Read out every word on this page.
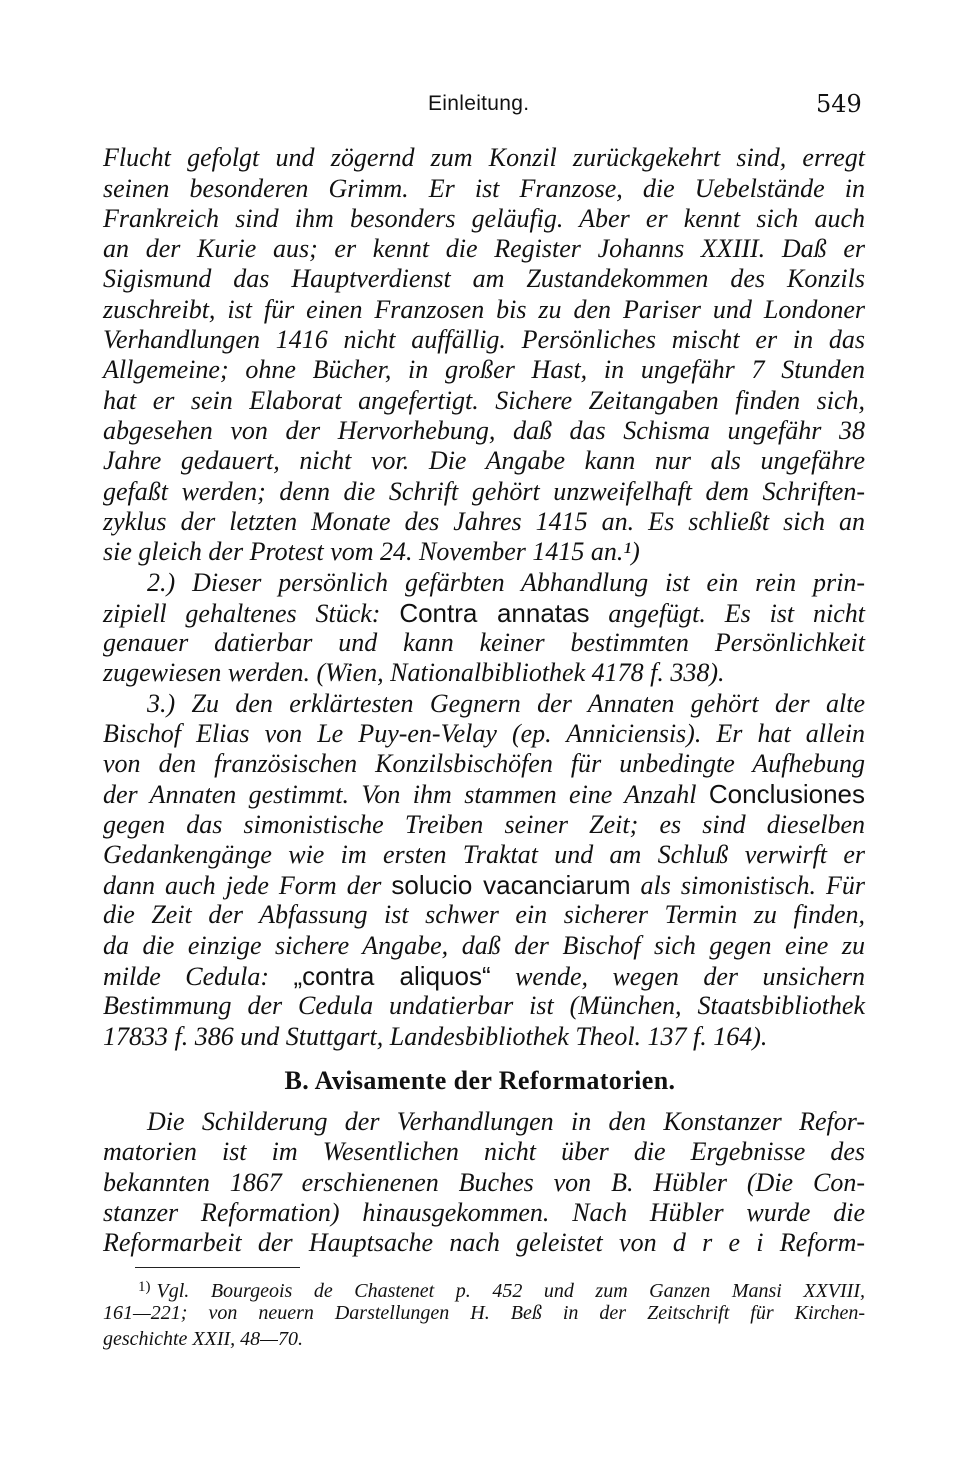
Einleitung.	549
Flucht gefolgt und zögernd zum Konzil zurückgekehrt sind, erregt
seinen besonderen Grimm. Er ist Franzose, die Uebelstände in
Frankreich sind ihm besonders geläufig. Aber er kennt sich auch
an der Kurie aus; er kennt die Register Johanns XXIII. Daß er
Sigismund das Hauptverdienst am Zustandekommen des Konzils
zuschreibt, ist für einen Franzosen bis zu den Pariser und Londoner
Verhandlungen 1416 nicht auffällig. Persönliches mischt er in das
Allgemeine; ohne Bücher, in großer Hast, in ungefähr 7 Stunden
hat er sein Elaborat angefertigt. Sichere Zeitangaben finden sich,
abgesehen von der Hervorhebung, daß das Schisma ungefähr 38
Jahre gedauert, nicht vor. Die Angabe kann nur als ungefähre
gefaßt werden; denn die Schrift gehört unzweifelhaft dem Schriften-
zyklus der letzten Monate des Jahres 1415 an. Es schließt sich an
sie gleich der Protest vom 24. November 1415 an.¹)
2.) Dieser persönlich gefärbten Abhandlung ist ein rein prin-
zipiell gehaltenes Stück: Contra annatas angefügt. Es ist nicht
genauer datierbar und kann keiner bestimmten Persönlichkeit
zugewiesen werden. (Wien, Nationalbibliothek 4178 f. 338).
3.) Zu den erklärtesten Gegnern der Annaten gehört der alte
Bischof Elias von Le Puy-en-Velay (ep. Anniciensis). Er hat allein
von den französischen Konzilsbischöfen für unbedingte Aufhebung
der Annaten gestimmt. Von ihm stammen eine Anzahl Conclusiones
gegen das simonistische Treiben seiner Zeit; es sind dieselben
Gedankengänge wie im ersten Traktat und am Schluß verwirft er
dann auch jede Form der solucio vacanciarum als simonistisch. Für
die Zeit der Abfassung ist schwer ein sicherer Termin zu finden,
da die einzige sichere Angabe, daß der Bischof sich gegen eine zu
milde Cedula: „contra aliquos“ wende, wegen der unsichern
Bestimmung der Cedula undatierbar ist (München, Staatsbibliothek
17833 f. 386 und Stuttgart, Landesbibliothek Theol. 137 f. 164).
B. Avisamente der Reformatorien.
Die Schilderung der Verhandlungen in den Konstanzer Refor-
matorien ist im Wesentlichen nicht über die Ergebnisse des
bekannten 1867 erschienenen Buches von B. Hübler (Die Con-
stanzer Reformation) hinausgekommen. Nach Hübler wurde die
Reformarbeit der Hauptsache nach geleistet von d r e i Reform-
$^{1)}$ Vgl. Bourgeois de Chastenet p. 452 und zum Ganzen Mansi XXVIII,
161—221; von neuern Darstellungen H. Beß in der Zeitschrift für Kirchen-
geschichte XXII, 48—70.
